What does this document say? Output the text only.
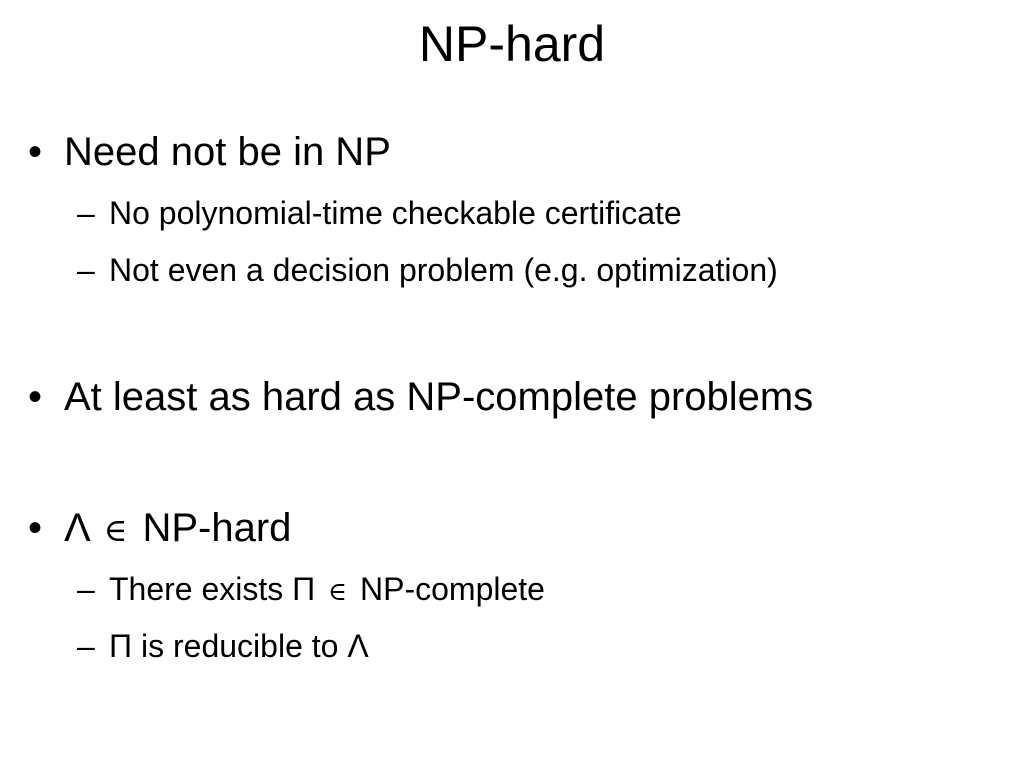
NP-hard
• Need not be in NP
– No polynomial-time checkable certificate
– Not even a decision problem (e.g. optimization)
• At least as hard as NP-complete problems
• Λ ∈ NP-hard
– There exists Π ∈ NP-complete
– Π is reducible to Λ
